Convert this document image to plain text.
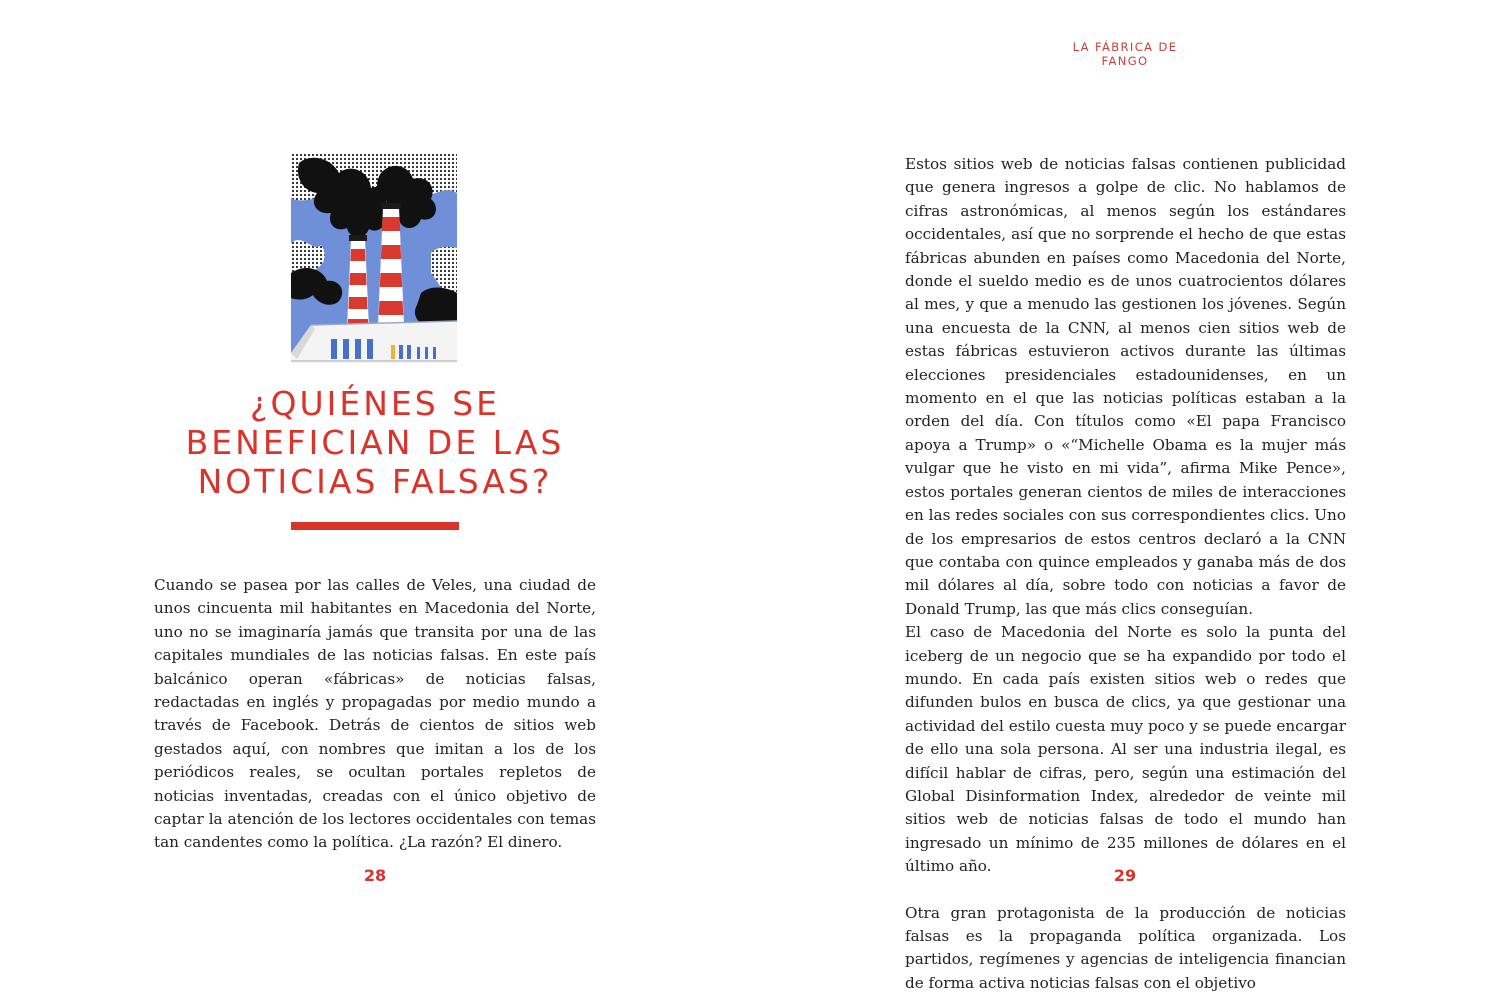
¿QUIÉNES SE
BENEFICIAN DE LAS
NOTICIAS FALSAS?

Cuando se pasea por las calles de Veles, una ciudad de unos cincuenta mil habitantes en Macedonia del Norte, uno no se imaginaría jamás que transita por una de las capitales mundiales de las noticias falsas. En este país balcánico operan «fábricas» de noticias falsas, redactadas en inglés y propagadas por medio mundo a través de Facebook. Detrás de cientos de sitios web gestados aquí, con nombres que imitan a los de los periódicos reales, se ocultan portales repletos de noticias inventadas, creadas con el único objetivo de captar la atención de los lectores occidentales con temas tan candentes como la política. ¿La razón? El dinero.

28
LA FÁBRICA DE FANGO

Estos sitios web de noticias falsas contienen publicidad que genera ingresos a golpe de clic. No hablamos de cifras astronómicas, al menos según los estándares occidentales, así que no sorprende el hecho de que estas fábricas abunden en países como Macedonia del Norte, donde el sueldo medio es de unos cuatrocientos dólares al mes, y que a menudo las gestionen los jóvenes. Según una encuesta de la CNN, al menos cien sitios web de estas fábricas estuvieron activos durante las últimas elecciones presidenciales estadounidenses, en un momento en el que las noticias políticas estaban a la orden del día. Con títulos como «El papa Francisco apoya a Trump» o «“Michelle Obama es la mujer más vulgar que he visto en mi vida”, afirma Mike Pence», estos portales generan cientos de miles de interacciones en las redes sociales con sus correspondientes clics. Uno de los empresarios de estos centros declaró a la CNN que contaba con quince empleados y ganaba más de dos mil dólares al día, sobre todo con noticias a favor de Donald Trump, las que más clics conseguían.

El caso de Macedonia del Norte es solo la punta del iceberg de un negocio que se ha expandido por todo el mundo. En cada país existen sitios web o redes que difunden bulos en busca de clics, ya que gestionar una actividad del estilo cuesta muy poco y se puede encargar de ello una sola persona. Al ser una industria ilegal, es difícil hablar de cifras, pero, según una estimación del Global Disinformation Index, alrededor de veinte mil sitios web de noticias falsas de todo el mundo han ingresado un mínimo de 235 millones de dólares en el último año.

Otra gran protagonista de la producción de noticias falsas es la propaganda política organizada. Los partidos, regímenes y agencias de inteligencia financian de forma activa noticias falsas con el objetivo

29
